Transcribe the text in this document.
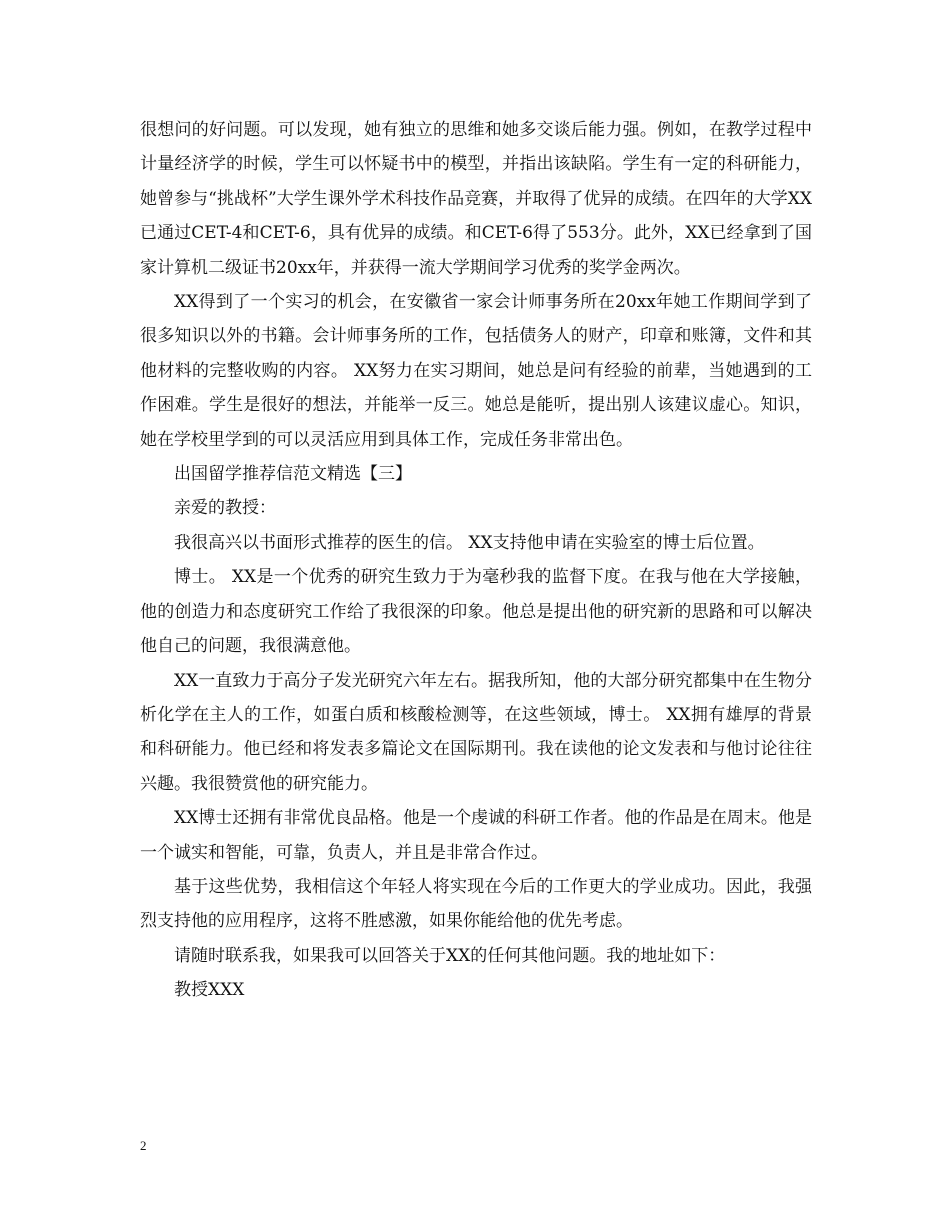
很想问的好问题。可以发现，她有独立的思维和她多交谈后能力强。例如，在教学过程中计量经济学的时候，学生可以怀疑书中的模型，并指出该缺陷。学生有一定的科研能力，她曾参与“挑战杯”大学生课外学术科技作品竞赛，并取得了优异的成绩。在四年的大学XX已通过CET-4和CET-6，具有优异的成绩。和CET-6得了553分。此外，XX已经拿到了国家计算机二级证书20xx年，并获得一流大学期间学习优秀的奖学金两次。

XX得到了一个实习的机会，在安徽省一家会计师事务所在20xx年她工作期间学到了很多知识以外的书籍。会计师事务所的工作，包括债务人的财产，印章和账簿，文件和其他材料的完整收购的内容。 XX努力在实习期间，她总是问有经验的前辈，当她遇到的工作困难。学生是很好的想法，并能举一反三。她总是能听，提出别人该建议虚心。知识，她在学校里学到的可以灵活应用到具体工作，完成任务非常出色。

出国留学推荐信范文精选【三】

亲爱的教授：

我很高兴以书面形式推荐的医生的信。 XX支持他申请在实验室的博士后位置。

博士。 XX是一个优秀的研究生致力于为毫秒我的监督下度。在我与他在大学接触，他的创造力和态度研究工作给了我很深的印象。他总是提出他的研究新的思路和可以解决他自己的问题，我很满意他。

XX一直致力于高分子发光研究六年左右。据我所知，他的大部分研究都集中在生物分析化学在主人的工作，如蛋白质和核酸检测等，在这些领域，博士。 XX拥有雄厚的背景和科研能力。他已经和将发表多篇论文在国际期刊。我在读他的论文发表和与他讨论往往兴趣。我很赞赏他的研究能力。

XX博士还拥有非常优良品格。他是一个虔诚的科研工作者。他的作品是在周末。他是一个诚实和智能，可靠，负责人，并且是非常合作过。

基于这些优势，我相信这个年轻人将实现在今后的工作更大的学业成功。因此，我强烈支持他的应用程序，这将不胜感激，如果你能给他的优先考虑。

请随时联系我，如果我可以回答关于XX的任何其他问题。我的地址如下：

教授XXX

2
